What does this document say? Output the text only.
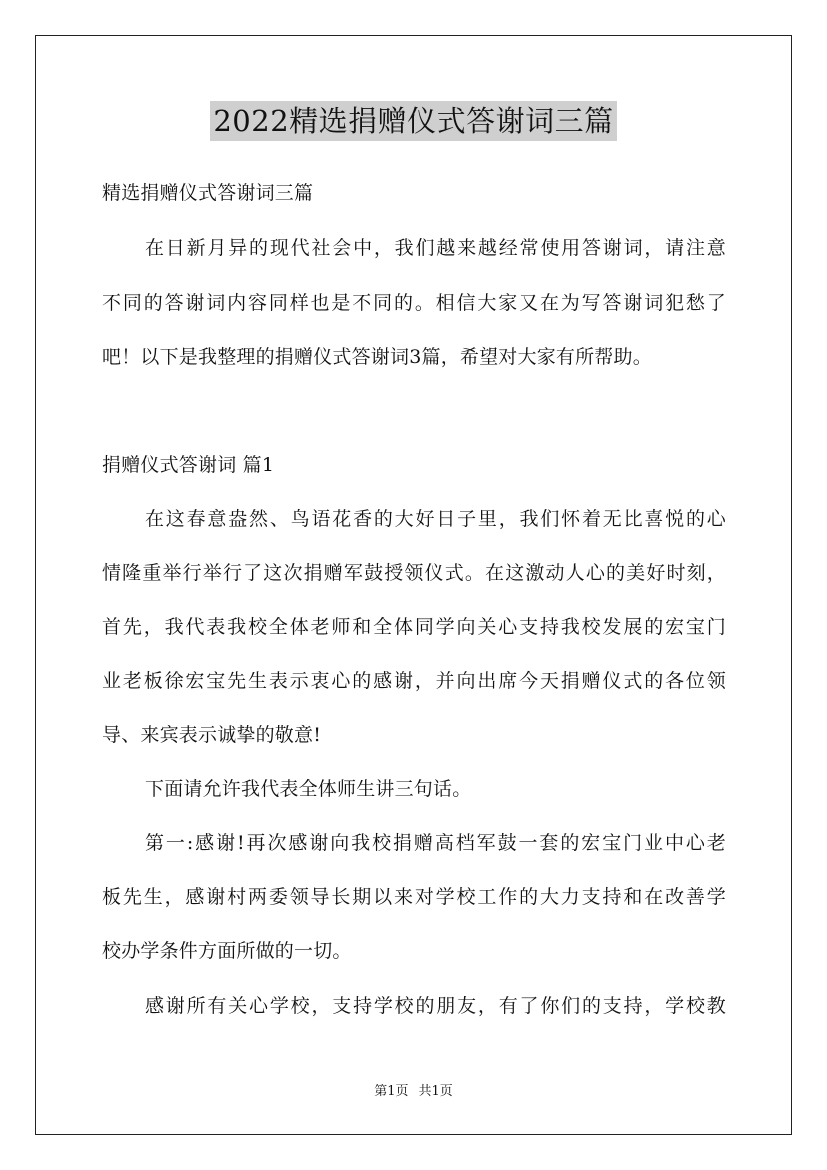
2022精选捐赠仪式答谢词三篇
精选捐赠仪式答谢词三篇
在日新月异的现代社会中，我们越来越经常使用答谢词，请注意
不同的答谢词内容同样也是不同的。相信大家又在为写答谢词犯愁了
吧！以下是我整理的捐赠仪式答谢词3篇，希望对大家有所帮助。
捐赠仪式答谢词 篇1
在这春意盎然、鸟语花香的大好日子里，我们怀着无比喜悦的心
情隆重举行举行了这次捐赠军鼓授领仪式。在这激动人心的美好时刻，
首先，我代表我校全体老师和全体同学向关心支持我校发展的宏宝门
业老板徐宏宝先生表示衷心的感谢，并向出席今天捐赠仪式的各位领
导、来宾表示诚挚的敬意!
下面请允许我代表全体师生讲三句话。
第一:感谢!再次感谢向我校捐赠高档军鼓一套的宏宝门业中心老
板先生，感谢村两委领导长期以来对学校工作的大力支持和在改善学
校办学条件方面所做的一切。
感谢所有关心学校，支持学校的朋友，有了你们的支持，学校教
第1页 共1页
